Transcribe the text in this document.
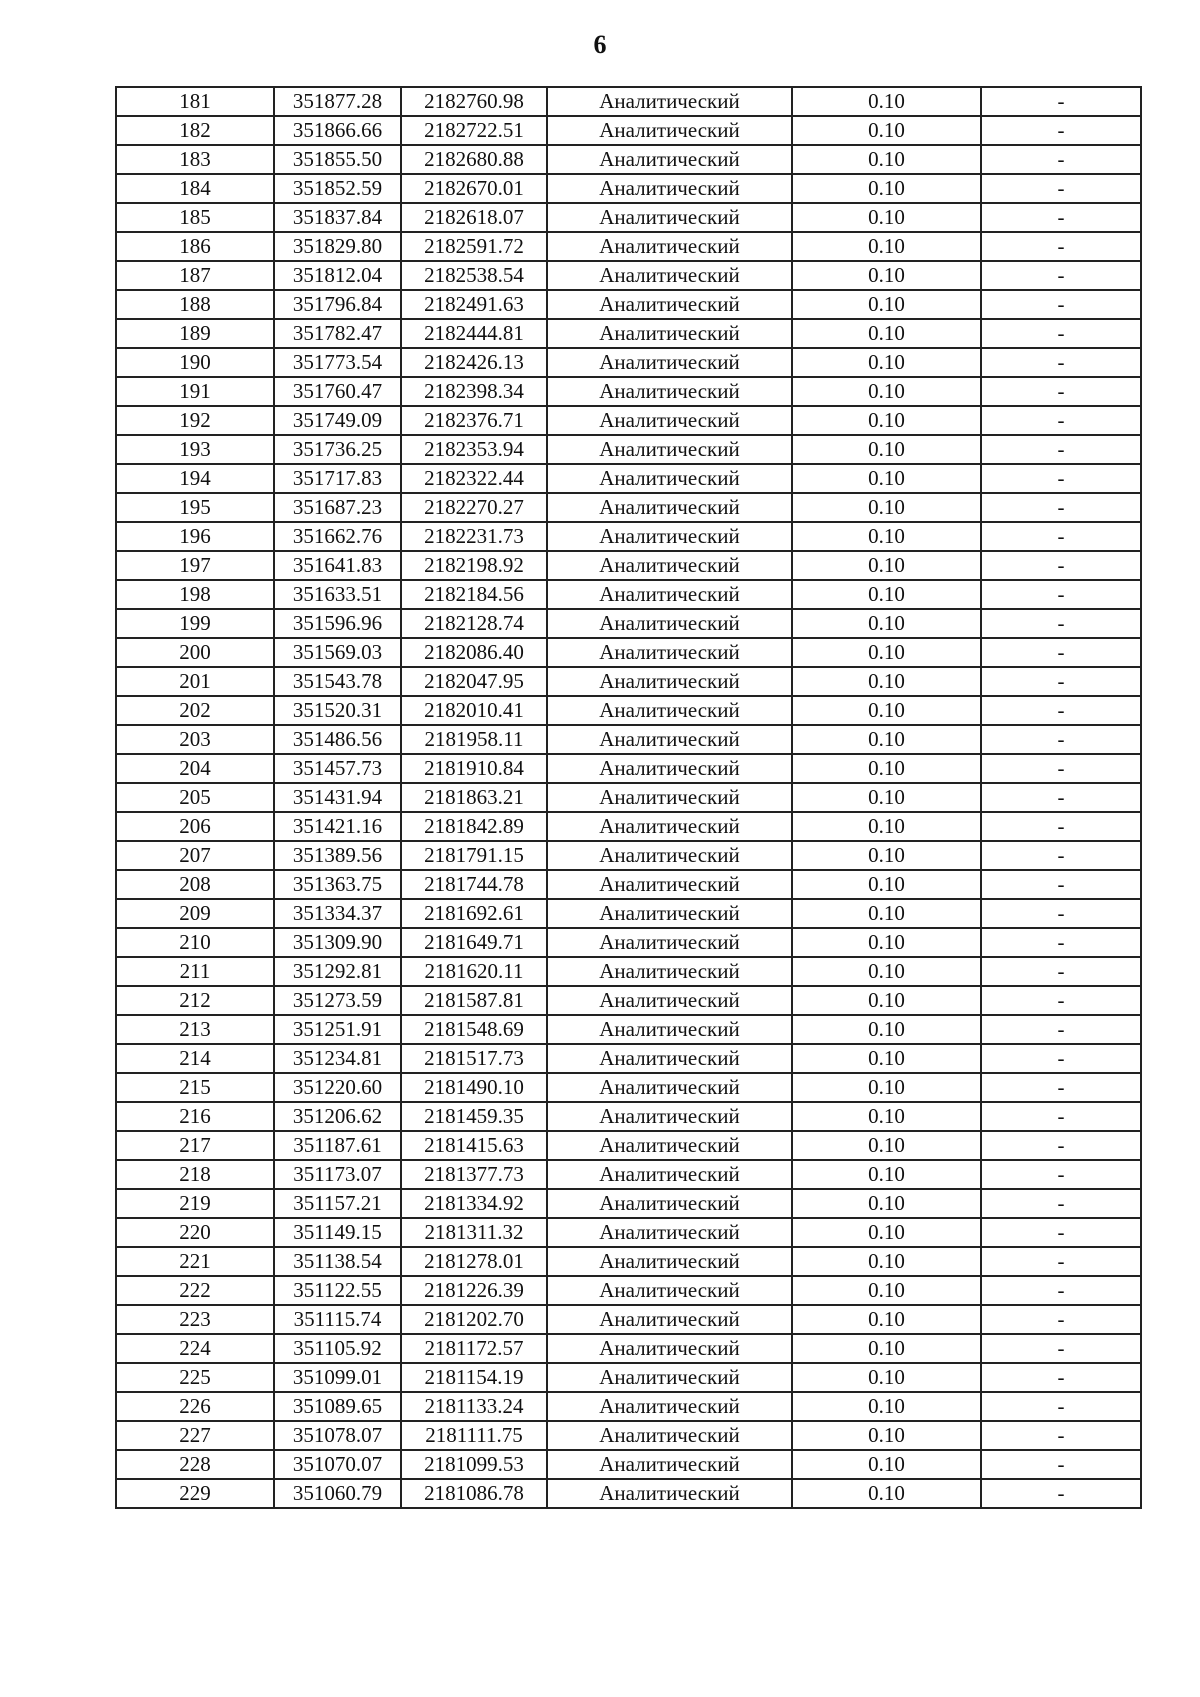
6
181	351877.28	2182760.98	Аналитический	0.10	-
182	351866.66	2182722.51	Аналитический	0.10	-
183	351855.50	2182680.88	Аналитический	0.10	-
184	351852.59	2182670.01	Аналитический	0.10	-
185	351837.84	2182618.07	Аналитический	0.10	-
186	351829.80	2182591.72	Аналитический	0.10	-
187	351812.04	2182538.54	Аналитический	0.10	-
188	351796.84	2182491.63	Аналитический	0.10	-
189	351782.47	2182444.81	Аналитический	0.10	-
190	351773.54	2182426.13	Аналитический	0.10	-
191	351760.47	2182398.34	Аналитический	0.10	-
192	351749.09	2182376.71	Аналитический	0.10	-
193	351736.25	2182353.94	Аналитический	0.10	-
194	351717.83	2182322.44	Аналитический	0.10	-
195	351687.23	2182270.27	Аналитический	0.10	-
196	351662.76	2182231.73	Аналитический	0.10	-
197	351641.83	2182198.92	Аналитический	0.10	-
198	351633.51	2182184.56	Аналитический	0.10	-
199	351596.96	2182128.74	Аналитический	0.10	-
200	351569.03	2182086.40	Аналитический	0.10	-
201	351543.78	2182047.95	Аналитический	0.10	-
202	351520.31	2182010.41	Аналитический	0.10	-
203	351486.56	2181958.11	Аналитический	0.10	-
204	351457.73	2181910.84	Аналитический	0.10	-
205	351431.94	2181863.21	Аналитический	0.10	-
206	351421.16	2181842.89	Аналитический	0.10	-
207	351389.56	2181791.15	Аналитический	0.10	-
208	351363.75	2181744.78	Аналитический	0.10	-
209	351334.37	2181692.61	Аналитический	0.10	-
210	351309.90	2181649.71	Аналитический	0.10	-
211	351292.81	2181620.11	Аналитический	0.10	-
212	351273.59	2181587.81	Аналитический	0.10	-
213	351251.91	2181548.69	Аналитический	0.10	-
214	351234.81	2181517.73	Аналитический	0.10	-
215	351220.60	2181490.10	Аналитический	0.10	-
216	351206.62	2181459.35	Аналитический	0.10	-
217	351187.61	2181415.63	Аналитический	0.10	-
218	351173.07	2181377.73	Аналитический	0.10	-
219	351157.21	2181334.92	Аналитический	0.10	-
220	351149.15	2181311.32	Аналитический	0.10	-
221	351138.54	2181278.01	Аналитический	0.10	-
222	351122.55	2181226.39	Аналитический	0.10	-
223	351115.74	2181202.70	Аналитический	0.10	-
224	351105.92	2181172.57	Аналитический	0.10	-
225	351099.01	2181154.19	Аналитический	0.10	-
226	351089.65	2181133.24	Аналитический	0.10	-
227	351078.07	2181111.75	Аналитический	0.10	-
228	351070.07	2181099.53	Аналитический	0.10	-
229	351060.79	2181086.78	Аналитический	0.10	-
